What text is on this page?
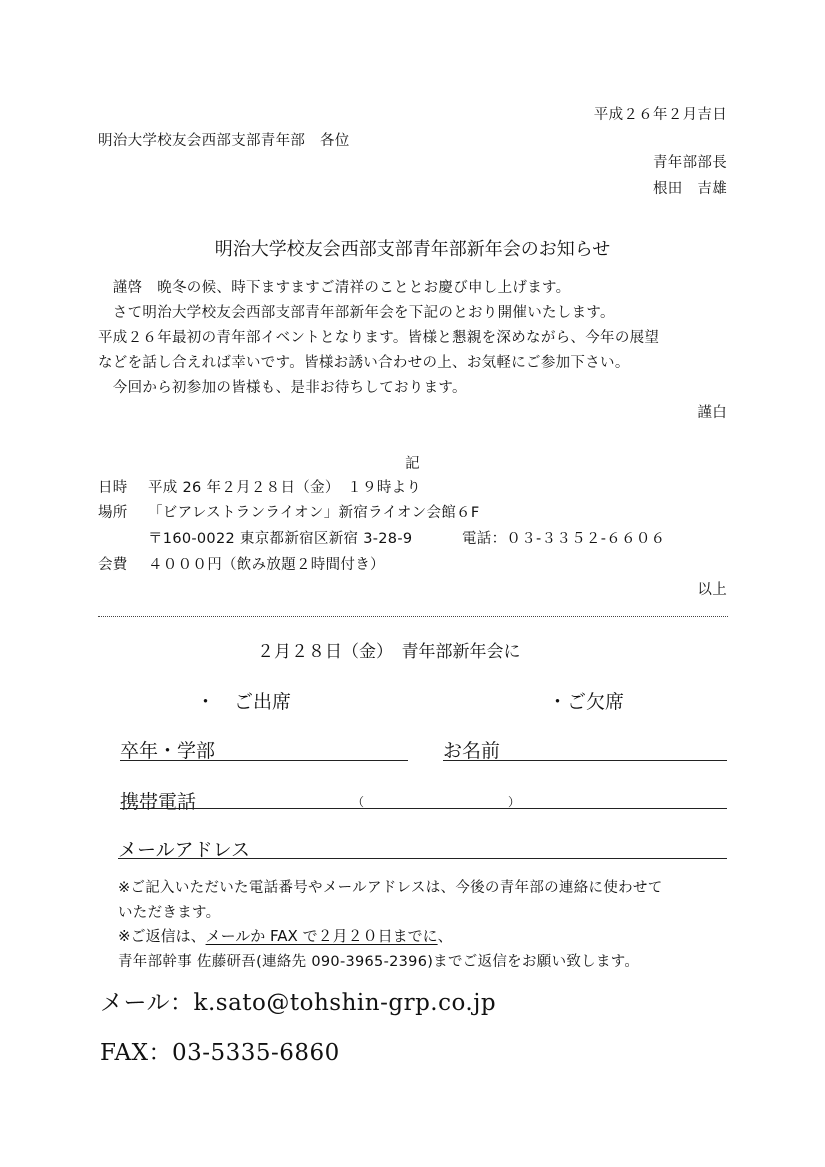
平成２６年２月吉日
明治大学校友会西部支部青年部　各位
青年部部長
根田　吉雄
明治大学校友会西部支部青年部新年会のお知らせ
　謹啓　晩冬の候、時下ますますご清祥のこととお慶び申し上げます。
　さて明治大学校友会西部支部青年部新年会を下記のとおり開催いたします。
平成２６年最初の青年部イベントとなります。皆様と懇親を深めながら、今年の展望
などを話し合えれば幸いです。皆様お誘い合わせの上、お気軽にご参加下さい。
　今回から初参加の皆様も、是非お待ちしております。
謹白
記
日時 平成 26 年２月２８日（金）　１９時より
場所 「ビアレストランライオン」新宿ライオン会館６F
〒160-0022 東京都新宿区新宿 3-28-9	電話：０３-３３５２-６６０６
会費 ４０００円（飲み放題２時間付き）
以上
２月２８日（金）　青年部新年会に
・　ご出席	・ご欠席
卒年・学部	お名前
携帯電話	（	）
メールアドレス
※ご記入いただいた電話番号やメールアドレスは、今後の青年部の連絡に使わせて
いただきます。
※ご返信は、メールか FAX で２月２０日までに、
青年部幹事 佐藤研吾(連絡先 090-3965-2396)までご返信をお願い致します。
メール：k.sato@tohshin-grp.co.jp
FAX：03-5335-6860
